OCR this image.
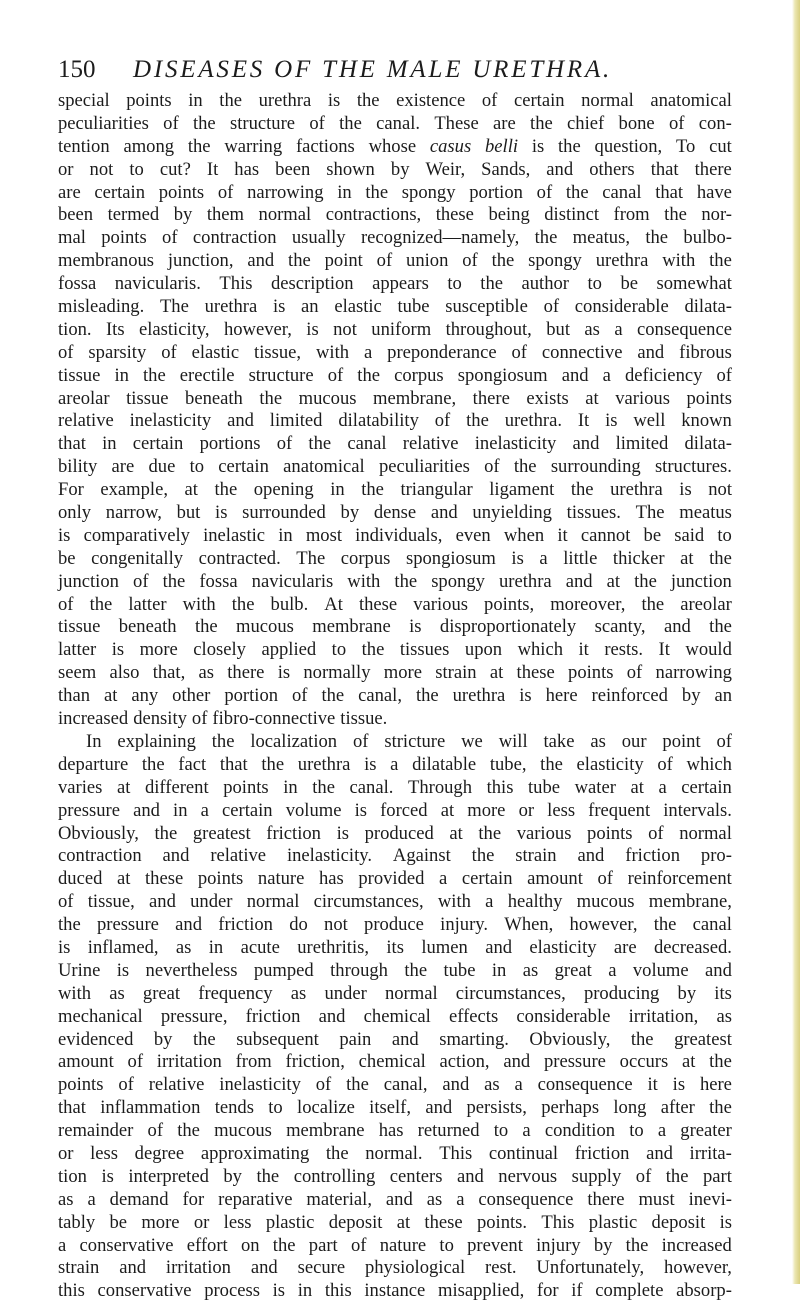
150 DISEASES OF THE MALE URETHRA.
special points in the urethra is the existence of certain normal anatomical
peculiarities of the structure of the canal. These are the chief bone of con-
tention among the warring factions whose casus belli is the question, To cut
or not to cut? It has been shown by Weir, Sands, and others that there
are certain points of narrowing in the spongy portion of the canal that have
been termed by them normal contractions, these being distinct from the nor-
mal points of contraction usually recognized—namely, the meatus, the bulbo-
membranous junction, and the point of union of the spongy urethra with the
fossa navicularis. This description appears to the author to be somewhat
misleading. The urethra is an elastic tube susceptible of considerable dilata-
tion. Its elasticity, however, is not uniform throughout, but as a consequence
of sparsity of elastic tissue, with a preponderance of connective and fibrous
tissue in the erectile structure of the corpus spongiosum and a deficiency of
areolar tissue beneath the mucous membrane, there exists at various points
relative inelasticity and limited dilatability of the urethra. It is well known
that in certain portions of the canal relative inelasticity and limited dilata-
bility are due to certain anatomical peculiarities of the surrounding structures.
For example, at the opening in the triangular ligament the urethra is not
only narrow, but is surrounded by dense and unyielding tissues. The meatus
is comparatively inelastic in most individuals, even when it cannot be said to
be congenitally contracted. The corpus spongiosum is a little thicker at the
junction of the fossa navicularis with the spongy urethra and at the junction
of the latter with the bulb. At these various points, moreover, the areolar
tissue beneath the mucous membrane is disproportionately scanty, and the
latter is more closely applied to the tissues upon which it rests. It would
seem also that, as there is normally more strain at these points of narrowing
than at any other portion of the canal, the urethra is here reinforced by an
increased density of fibro-connective tissue.
In explaining the localization of stricture we will take as our point of
departure the fact that the urethra is a dilatable tube, the elasticity of which
varies at different points in the canal. Through this tube water at a certain
pressure and in a certain volume is forced at more or less frequent intervals.
Obviously, the greatest friction is produced at the various points of normal
contraction and relative inelasticity. Against the strain and friction pro-
duced at these points nature has provided a certain amount of reinforcement
of tissue, and under normal circumstances, with a healthy mucous membrane,
the pressure and friction do not produce injury. When, however, the canal
is inflamed, as in acute urethritis, its lumen and elasticity are decreased.
Urine is nevertheless pumped through the tube in as great a volume and
with as great frequency as under normal circumstances, producing by its
mechanical pressure, friction and chemical effects considerable irritation, as
evidenced by the subsequent pain and smarting. Obviously, the greatest
amount of irritation from friction, chemical action, and pressure occurs at the
points of relative inelasticity of the canal, and as a consequence it is here
that inflammation tends to localize itself, and persists, perhaps long after the
remainder of the mucous membrane has returned to a condition to a greater
or less degree approximating the normal. This continual friction and irrita-
tion is interpreted by the controlling centers and nervous supply of the part
as a demand for reparative material, and as a consequence there must inevi-
tably be more or less plastic deposit at these points. This plastic deposit is
a conservative effort on the part of nature to prevent injury by the increased
strain and irritation and secure physiological rest. Unfortunately, however,
this conservative process is in this instance misapplied, for if complete absorp-
